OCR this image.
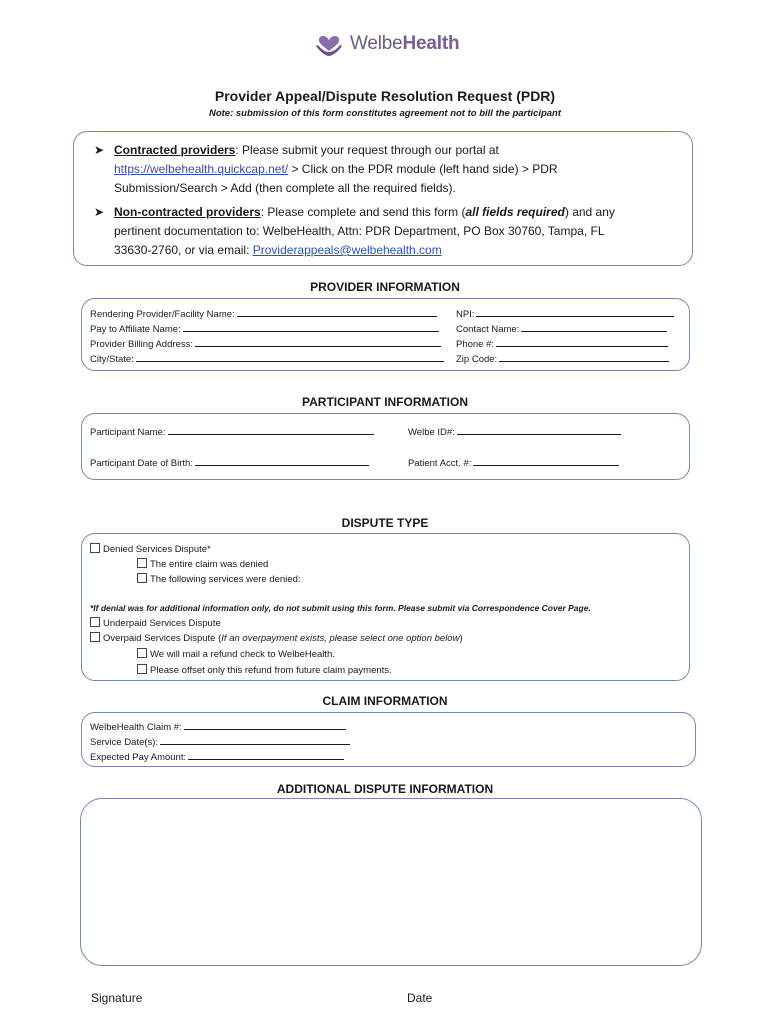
WelbeHealth
Provider Appeal/Dispute Resolution Request (PDR)
Note: submission of this form constitutes agreement not to bill the participant
➤ Contracted providers: Please submit your request through our portal at
https://welbehealth.quickcap.net/ > Click on the PDR module (left hand side) > PDR
Submission/Search > Add (then complete all the required fields).
➤ Non-contracted providers: Please complete and send this form (all fields required) and any
pertinent documentation to: WelbeHealth, Attn: PDR Department, PO Box 30760, Tampa, FL
33630-2760, or via email: Providerappeals@welbehealth.com
PROVIDER INFORMATION
Rendering Provider/Facility Name:	NPI:
Pay to Affiliate Name:	Contact Name:
Provider Billing Address:	Phone #:
City/State:	Zip Code:
PARTICIPANT INFORMATION
Participant Name:	Welbe ID#:
Participant Date of Birth:	Patient Acct. #:
DISPUTE TYPE
Denied Services Dispute*
The entire claim was denied
The following services were denied:
*If denial was for additional information only, do not submit using this form. Please submit via Correspondence Cover Page.
Underpaid Services Dispute
Overpaid Services Dispute (If an overpayment exists, please select one option below)
We will mail a refund check to WelbeHealth.
Please offset only this refund from future claim payments.
CLAIM INFORMATION
WelbeHealth Claim #:
Service Date(s):
Expected Pay Amount:
ADDITIONAL DISPUTE INFORMATION
Signature	Date
